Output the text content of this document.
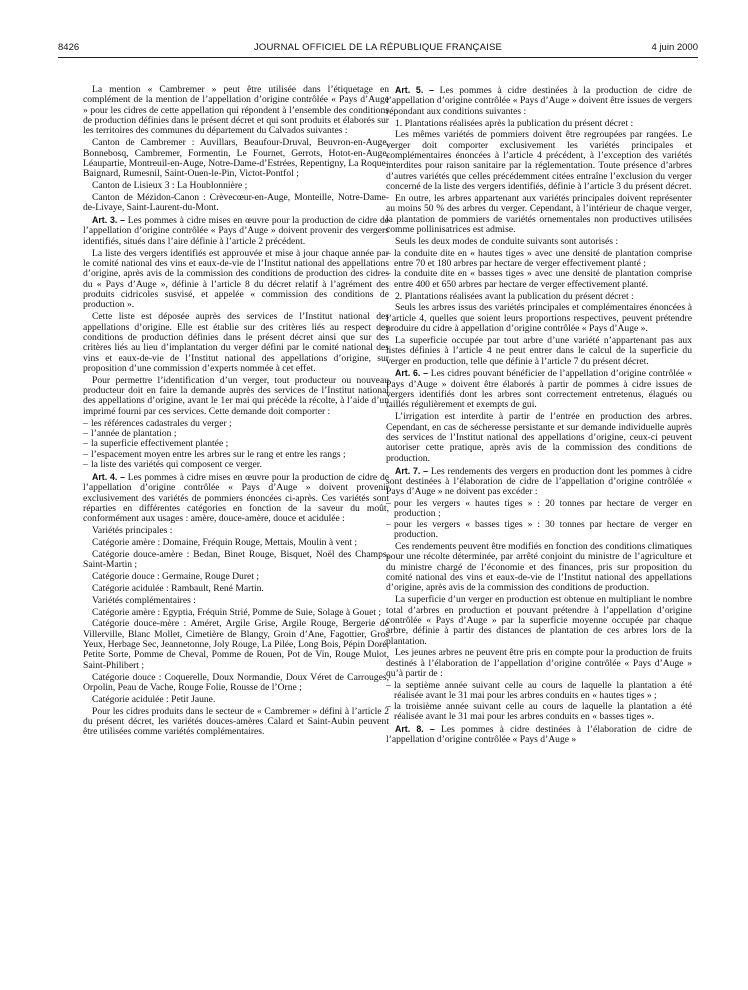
8426	JOURNAL OFFICIEL DE LA RÉPUBLIQUE FRANÇAISE	4 juin 2000

La mention « Cambremer » peut être utilisée dans l’étiquetage en complément de la mention de l’appellation d’origine contrôlée « Pays d’Auge » pour les cidres de cette appellation qui répondent à l’ensemble des conditions de production définies dans le présent décret et qui sont produits et élaborés sur les territoires des communes du département du Calvados suivantes :

Canton de Cambremer : Auvillars, Beaufour-Druval, Beuvron-en-Auge, Bonnebosq, Cambremer, Formentin, Le Fournet, Gerrots, Hotot-en-Auge, Léaupartie, Montreuil-en-Auge, Notre-Dame-d’Estrées, Repentigny, La Roque-Baignard, Rumesnil, Saint-Ouen-le-Pin, Victot-Pontfol ;

Canton de Lisieux 3 : La Houblonnière ;

Canton de Mézidon-Canon : Crèvecœur-en-Auge, Monteille, Notre-Dame-de-Livaye, Saint-Laurent-du-Mont.

Art. 3. – Les pommes à cidre mises en œuvre pour la production de cidre de l’appellation d’origine contrôlée « Pays d’Auge » doivent provenir des vergers identifiés, situés dans l’aire définie à l’article 2 précédent.

La liste des vergers identifiés est approuvée et mise à jour chaque année par le comité national des vins et eaux-de-vie de l’Institut national des appellations d’origine, après avis de la commission des conditions de production des cidres du « Pays d’Auge », définie à l’article 8 du décret relatif à l’agrément des produits cidricoles susvisé, et appelée « commission des conditions de production ».

Cette liste est déposée auprès des services de l’Institut national des appellations d’origine. Elle est établie sur des critères liés au respect des conditions de production définies dans le présent décret ainsi que sur des critères liés au lieu d’implantation du verger défini par le comité national des vins et eaux-de-vie de l’Institut national des appellations d’origine, sur proposition d’une commission d’experts nommée à cet effet.

Pour permettre l’identification d’un verger, tout producteur ou nouveau producteur doit en faire la demande auprès des services de l’Institut national des appellations d’origine, avant le 1er mai qui précède la récolte, à l’aide d’un imprimé fourni par ces services. Cette demande doit comporter :

– les références cadastrales du verger ;
– l’année de plantation ;
– la superficie effectivement plantée ;
– l’espacement moyen entre les arbres sur le rang et entre les rangs ;
– la liste des variétés qui composent ce verger.

Art. 4. – Les pommes à cidre mises en œuvre pour la production de cidre de l’appellation d’origine contrôlée « Pays d’Auge » doivent provenir exclusivement des variétés de pommiers énoncées ci-après. Ces variétés sont réparties en différentes catégories en fonction de la saveur du moût, conformément aux usages : amère, douce-amère, douce et acidulée :

Variétés principales :

Catégorie amère : Domaine, Fréquin Rouge, Mettais, Moulin à vent ;

Catégorie douce-amère : Bedan, Binet Rouge, Bisquet, Noël des Champs, Saint-Martin ;

Catégorie douce : Germaine, Rouge Duret ;

Catégorie acidulée : Rambault, René Martin.

Variétés complémentaires :

Catégorie amère : Egyptia, Fréquin Strié, Pomme de Suie, Solage à Gouet ;

Catégorie douce-mère : Améret, Argile Grise, Argile Rouge, Bergerie de Villerville, Blanc Mollet, Cimetière de Blangy, Groin d’Ane, Fagottier, Gros Yeux, Herbage Sec, Jeannetonne, Joly Rouge, La Pilée, Long Bois, Pépin Doré, Petite Sorte, Pomme de Cheval, Pomme de Rouen, Pot de Vin, Rouge Mulot, Saint-Philibert ;

Catégorie douce : Coquerelle, Doux Normandie, Doux Véret de Carrouges, Orpolin, Peau de Vache, Rouge Folie, Rousse de l’Orne ;

Catégorie acidulée : Petit Jaune.

Pour les cidres produits dans le secteur de « Cambremer » défini à l’article 2 du présent décret, les variétés douces-amères Calard et Saint-Aubin peuvent être utilisées comme variétés complémentaires.

Art. 5. – Les pommes à cidre destinées à la production de cidre de l’appellation d’origine contrôlée « Pays d’Auge » doivent être issues de vergers répondant aux conditions suivantes :

1. Plantations réalisées après la publication du présent décret :

Les mêmes variétés de pommiers doivent être regroupées par rangées. Le verger doit comporter exclusivement les variétés principales et complémentaires énoncées à l’article 4 précédent, à l’exception des variétés interdites pour raison sanitaire par la réglementation. Toute présence d’arbres d’autres variétés que celles précédemment citées entraîne l’exclusion du verger concerné de la liste des vergers identifiés, définie à l’article 3 du présent décret.

En outre, les arbres appartenant aux variétés principales doivent représenter au moins 50 % des arbres du verger. Cependant, à l’intérieur de chaque verger, la plantation de pommiers de variétés ornementales non productives utilisées comme pollinisatrices est admise.

Seuls les deux modes de conduite suivants sont autorisés :

– la conduite dite en « hautes tiges » avec une densité de plantation comprise entre 70 et 180 arbres par hectare de verger effectivement planté ;
– la conduite dite en « basses tiges » avec une densité de plantation comprise entre 400 et 650 arbres par hectare de verger effectivement planté.

2. Plantations réalisées avant la publication du présent décret :

Seuls les arbres issus des variétés principales et complémentaires énoncées à l’article 4, quelles que soient leurs proportions respectives, peuvent prétendre produire du cidre à appellation d’origine contrôlée « Pays d’Auge ».

La superficie occupée par tout arbre d’une variété n’appartenant pas aux listes définies à l’article 4 ne peut entrer dans le calcul de la superficie du verger en production, telle que définie à l’article 7 du présent décret.

Art. 6. – Les cidres pouvant bénéficier de l’appellation d’origine contrôlée « Pays d’Auge » doivent être élaborés à partir de pommes à cidre issues de vergers identifiés dont les arbres sont correctement entretenus, élagués ou taillés régulièrement et exempts de gui.

L’irrigation est interdite à partir de l’entrée en production des arbres. Cependant, en cas de sécheresse persistante et sur demande individuelle auprès des services de l’Institut national des appellations d’origine, ceux-ci peuvent autoriser cette pratique, après avis de la commission des conditions de production.

Art. 7. – Les rendements des vergers en production dont les pommes à cidre sont destinées à l’élaboration de cidre de l’appellation d’origine contrôlée « Pays d’Auge » ne doivent pas excéder :

– pour les vergers « hautes tiges » : 20 tonnes par hectare de verger en production ;
– pour les vergers « basses tiges » : 30 tonnes par hectare de verger en production.

Ces rendements peuvent être modifiés en fonction des conditions climatiques pour une récolte déterminée, par arrêté conjoint du ministre de l’agriculture et du ministre chargé de l’économie et des finances, pris sur proposition du comité national des vins et eaux-de-vie de l’Institut national des appellations d’origine, après avis de la commission des conditions de production.

La superficie d’un verger en production est obtenue en multipliant le nombre total d’arbres en production et pouvant prétendre à l’appellation d’origine contrôlée « Pays d’Auge » par la superficie moyenne occupée par chaque arbre, définie à partir des distances de plantation de ces arbres lors de la plantation.

Les jeunes arbres ne peuvent être pris en compte pour la production de fruits destinés à l’élaboration de l’appellation d’origine contrôlée « Pays d’Auge » qu’à partir de :

– la septième année suivant celle au cours de laquelle la plantation a été réalisée avant le 31 mai pour les arbres conduits en « hautes tiges » ;
– la troisième année suivant celle au cours de laquelle la plantation a été réalisée avant le 31 mai pour les arbres conduits en « basses tiges ».

Art. 8. – Les pommes à cidre destinées à l’élaboration de cidre de l’appellation d’origine contrôlée « Pays d’Auge »
